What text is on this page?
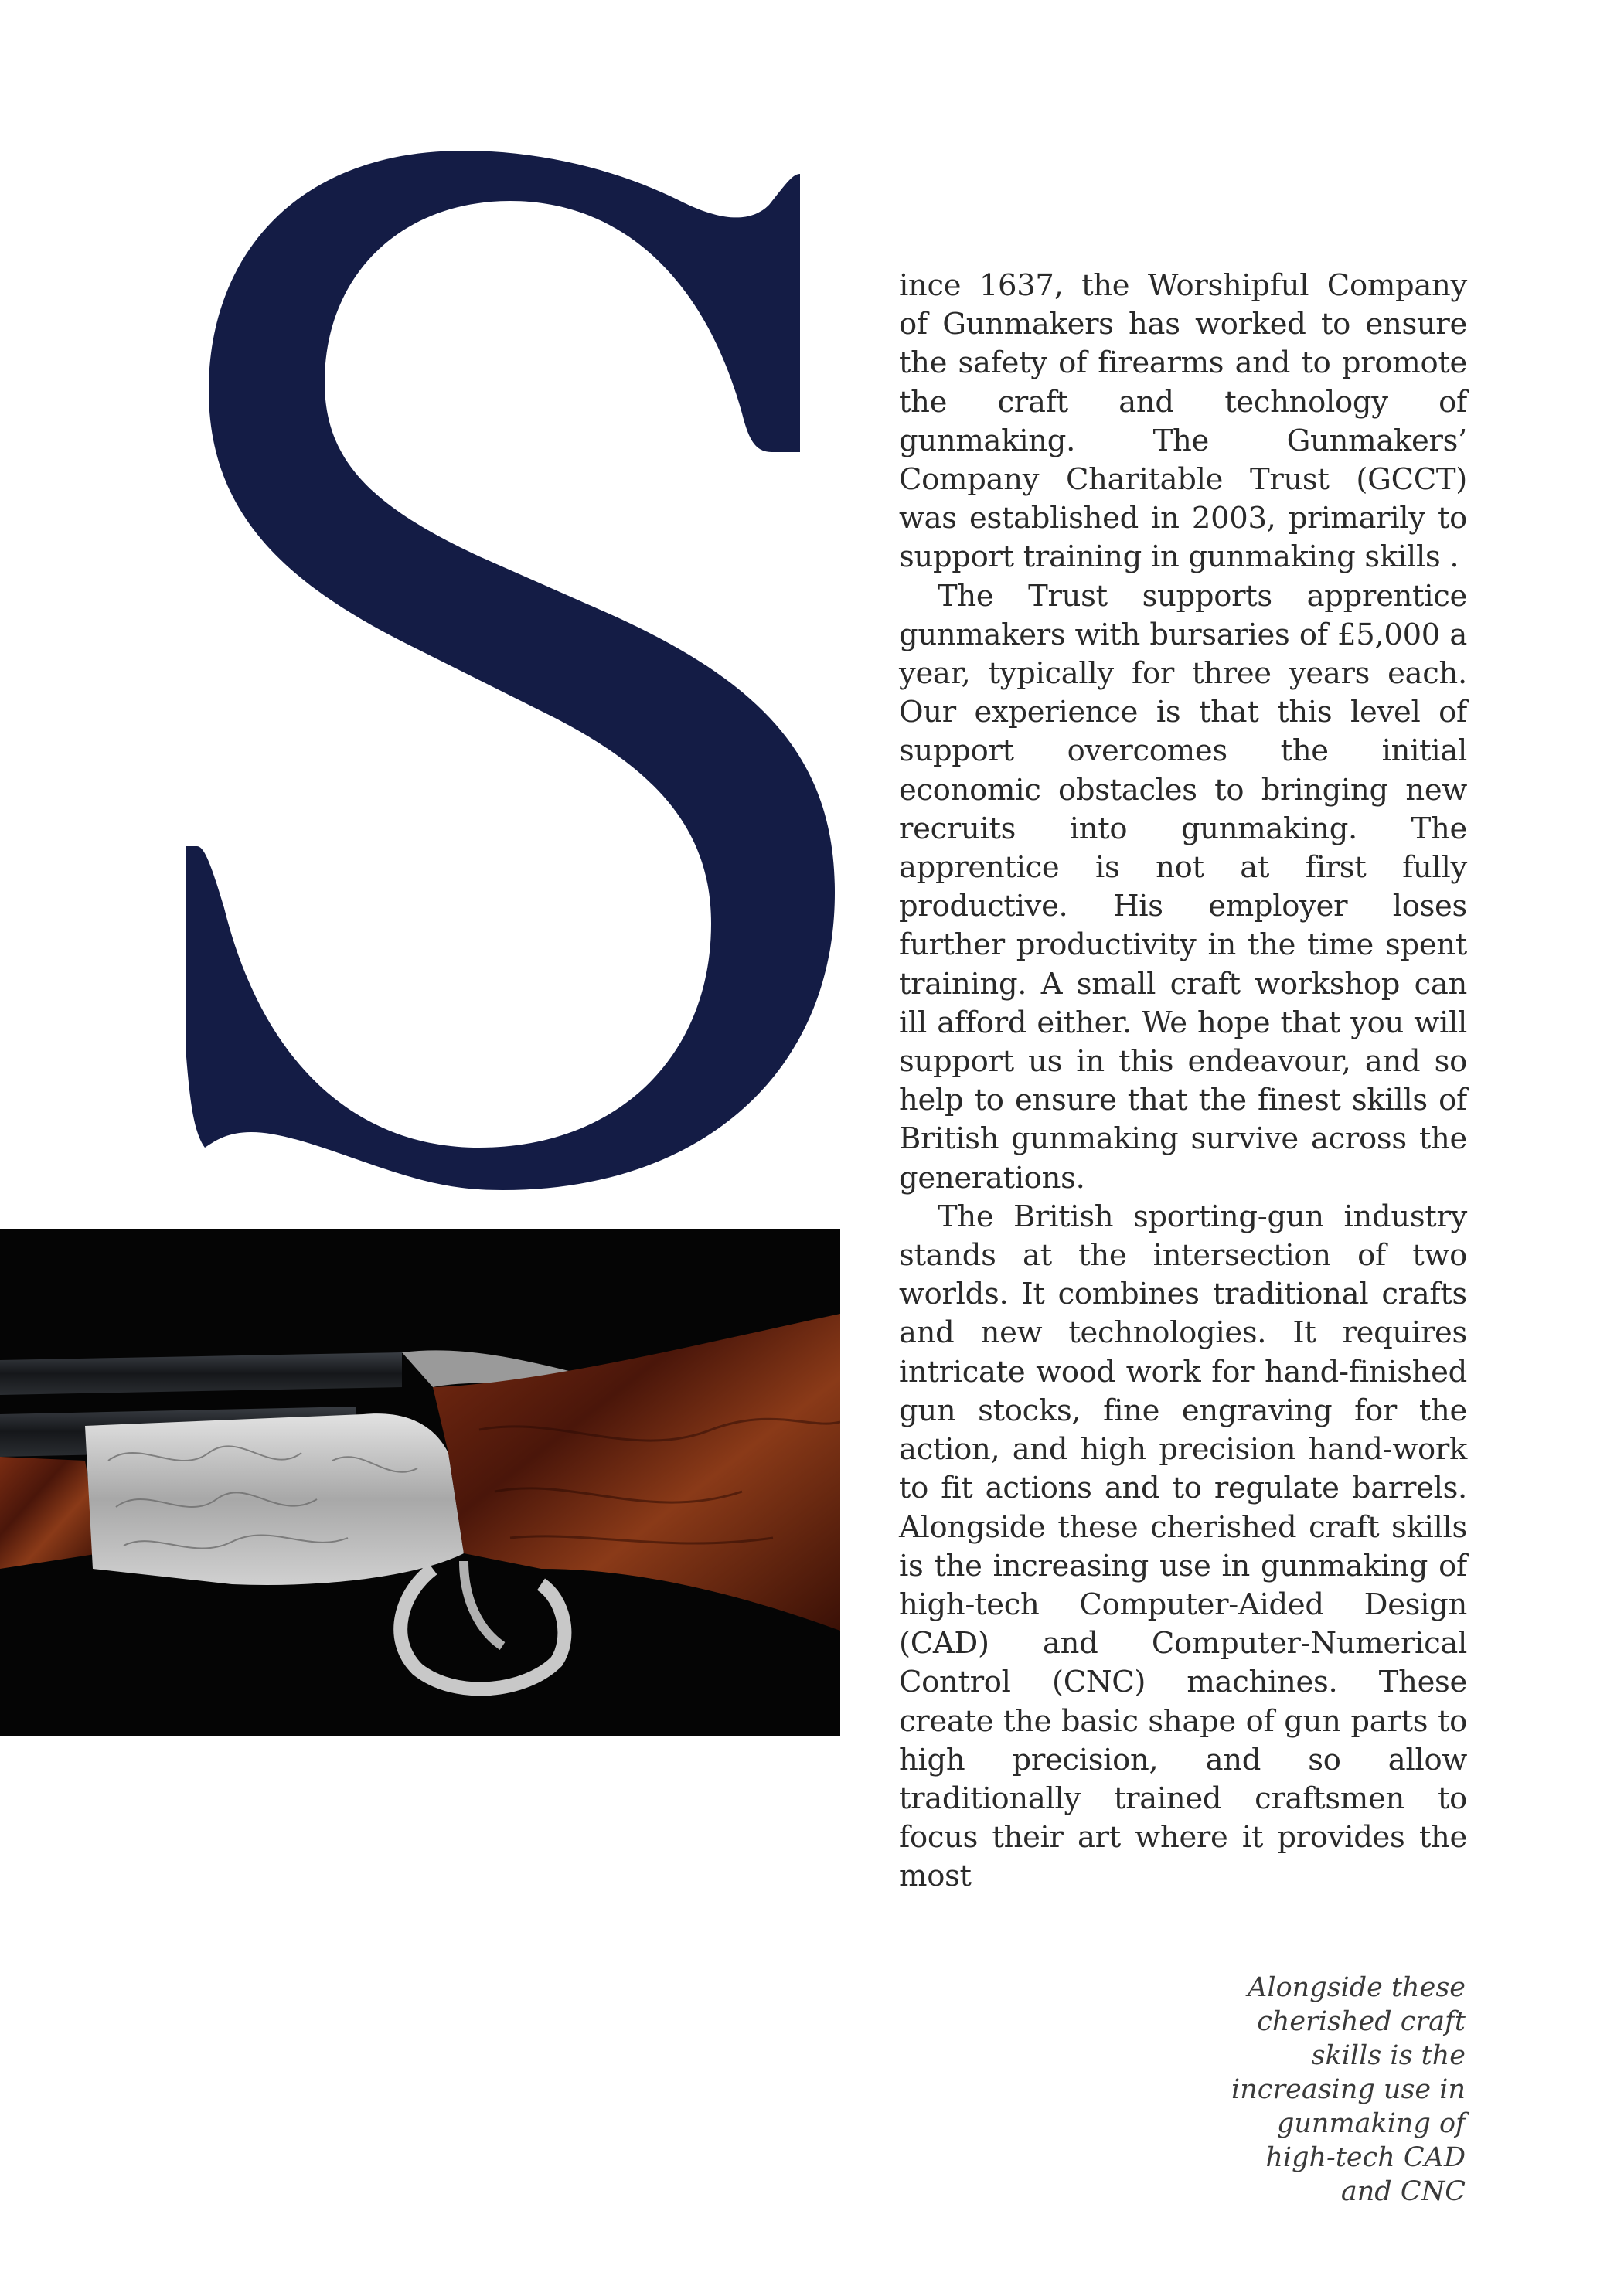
ince 1637, the Worshipful Company of Gunmakers has worked to ensure the safety of firearms and to promote the craft and technology of gunmaking. The Gunmakers’ Company Charitable Trust (GCCT) was established in 2003, primarily to support training in gunmaking skills .

The Trust supports apprentice gunmakers with bursaries of £5,000 a year, typically for three years each. Our experience is that this level of support overcomes the initial economic obstacles to bringing new recruits into gunmaking. The apprentice is not at first fully productive. His employer loses further productivity in the time spent training. A small craft workshop can ill afford either. We hope that you will support us in this endeavour, and so help to ensure that the finest skills of British gunmaking survive across the generations.

The British sporting-gun industry stands at the intersection of two worlds. It combines traditional crafts and new technologies. It requires intricate wood work for hand-finished gun stocks, fine engraving for the action, and high precision hand-work to fit actions and to regulate barrels. Alongside these cherished craft skills is the increasing use in gunmaking of high-tech Computer-Aided Design (CAD) and Computer-Numerical Control (CNC) machines. These create the basic shape of gun parts to high precision, and so allow traditionally trained craftsmen to focus their art where it provides the most

Alongside these
cherished craft
skills is the
increasing use in
gunmaking of
high-tech CAD
and CNC
